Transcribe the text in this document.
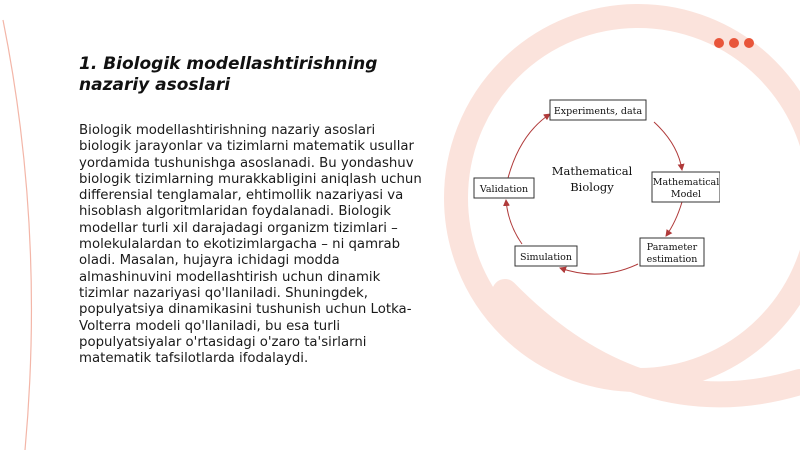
1. Biologik modellashtirishning nazariy asoslari

Biologik modellashtirishning nazariy asoslari biologik jarayonlar va tizimlarni matematik usullar yordamida tushunishga asoslanadi. Bu yondashuv biologik tizimlarning murakkabligini aniqlash uchun differensial tenglamalar, ehtimollik nazariyasi va hisoblash algoritmlaridan foydalanadi. Biologik modellar turli xil darajadagi organizm tizimlari – molekulalardan to ekotizimlargacha – ni qamrab oladi. Masalan, hujayra ichidagi modda almashinuvini modellashtirish uchun dinamik tizimlar nazariyasi qo'llaniladi. Shuningdek, populyatsiya dinamikasini tushunish uchun Lotka-Volterra modeli qo'llaniladi, bu esa turli populyatsiyalar o'rtasidagi o'zaro ta'sirlarni matematik tafsilotlarda ifodalaydi.

Mathematical
Biology
Experiments, data
Mathematical
Model
Parameter
estimation
Simulation
Validation
